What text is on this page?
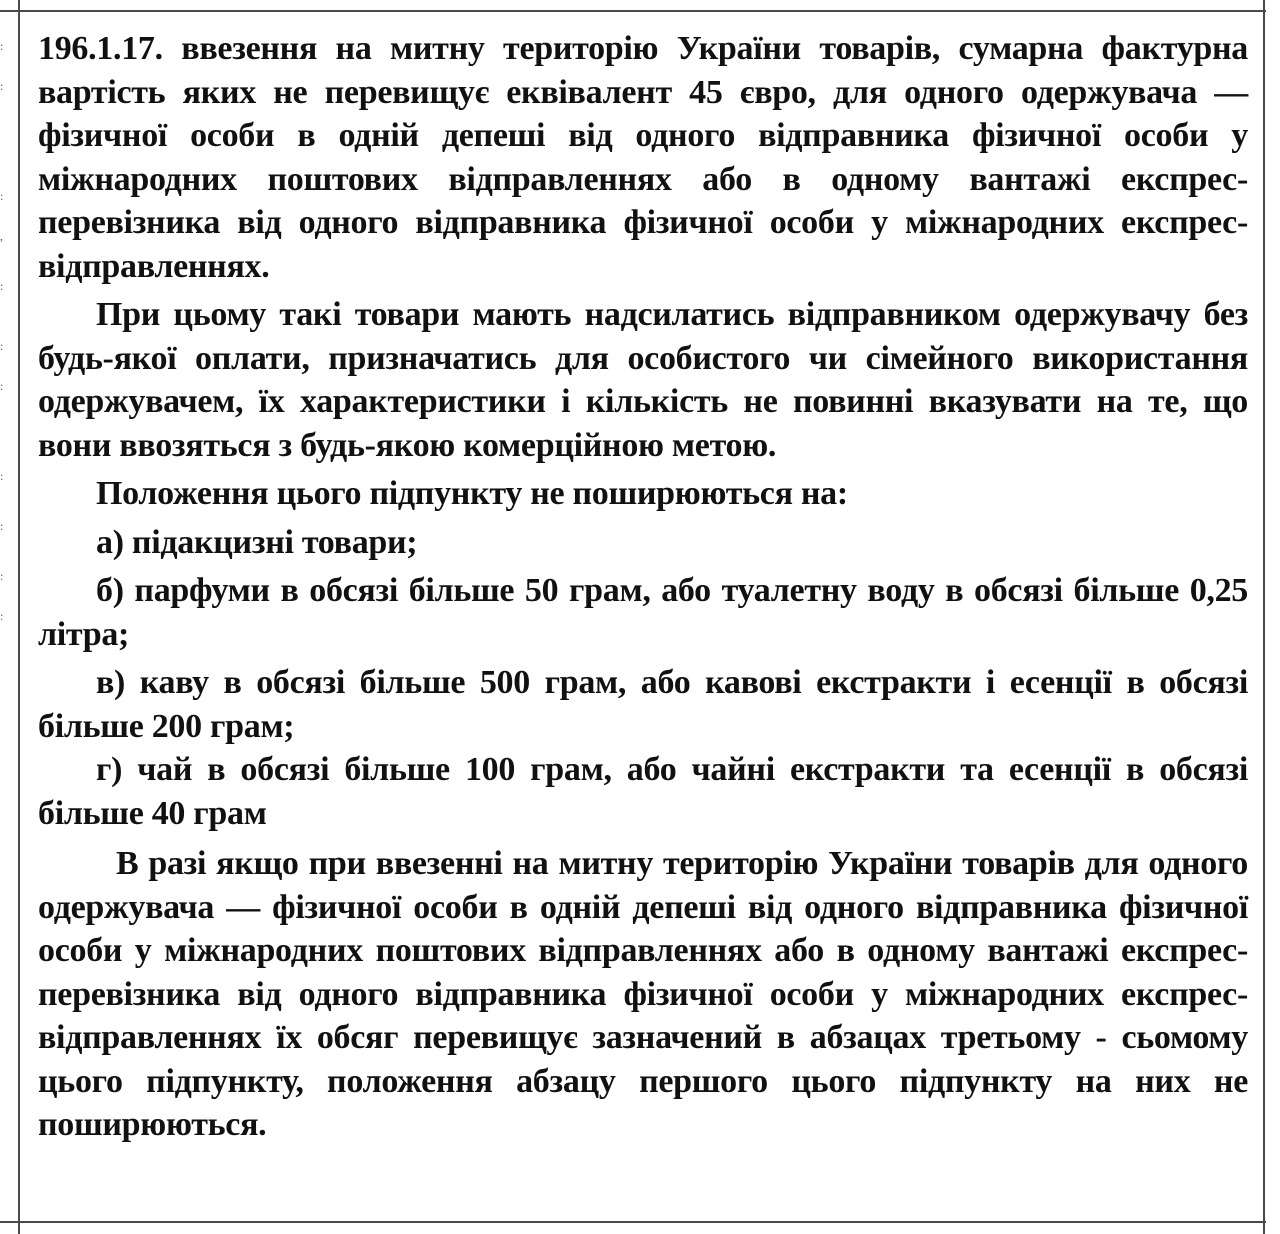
:
:
:
,
:
:
:
:
:
:
:

196.1.17. ввезення на митну територію України товарів, сумарна фактурна вартість яких не перевищує еквівалент 45 євро, для одного одержувача — фізичної особи в одній депеші від одного відправника фізичної особи у міжнародних поштових відправленнях або в одному вантажі експрес-перевізника від одного відправника фізичної особи у міжнародних експрес-відправленнях.

При цьому такі товари мають надсилатись відправником одержувачу без будь-якої оплати, призначатись для особистого чи сімейного використання одержувачем, їх характеристики і кількість не повинні вказувати на те, що вони ввозяться з будь-якою комерційною метою.

Положення цього підпункту не поширюються на:

а) підакцизні товари;

б) парфуми в обсязі більше 50 грам, або туалетну воду в обсязі більше 0,25 літра;

в) каву в обсязі більше 500 грам, або кавові екстракти і есенції в обсязі більше 200 грам;

г) чай в обсязі більше 100 грам, або чайні екстракти та есенції в обсязі більше 40 грам

В разі якщо при ввезенні на митну територію України товарів для одного одержувача — фізичної особи в одній депеші від одного відправника фізичної особи у міжнародних поштових відправленнях або в одному вантажі експрес-перевізника від одного відправника фізичної особи у міжнародних експрес-відправленнях їх обсяг перевищує зазначений в абзацах третьому - сьомому цього підпункту, положення абзацу першого цього підпункту на них не поширюються.
